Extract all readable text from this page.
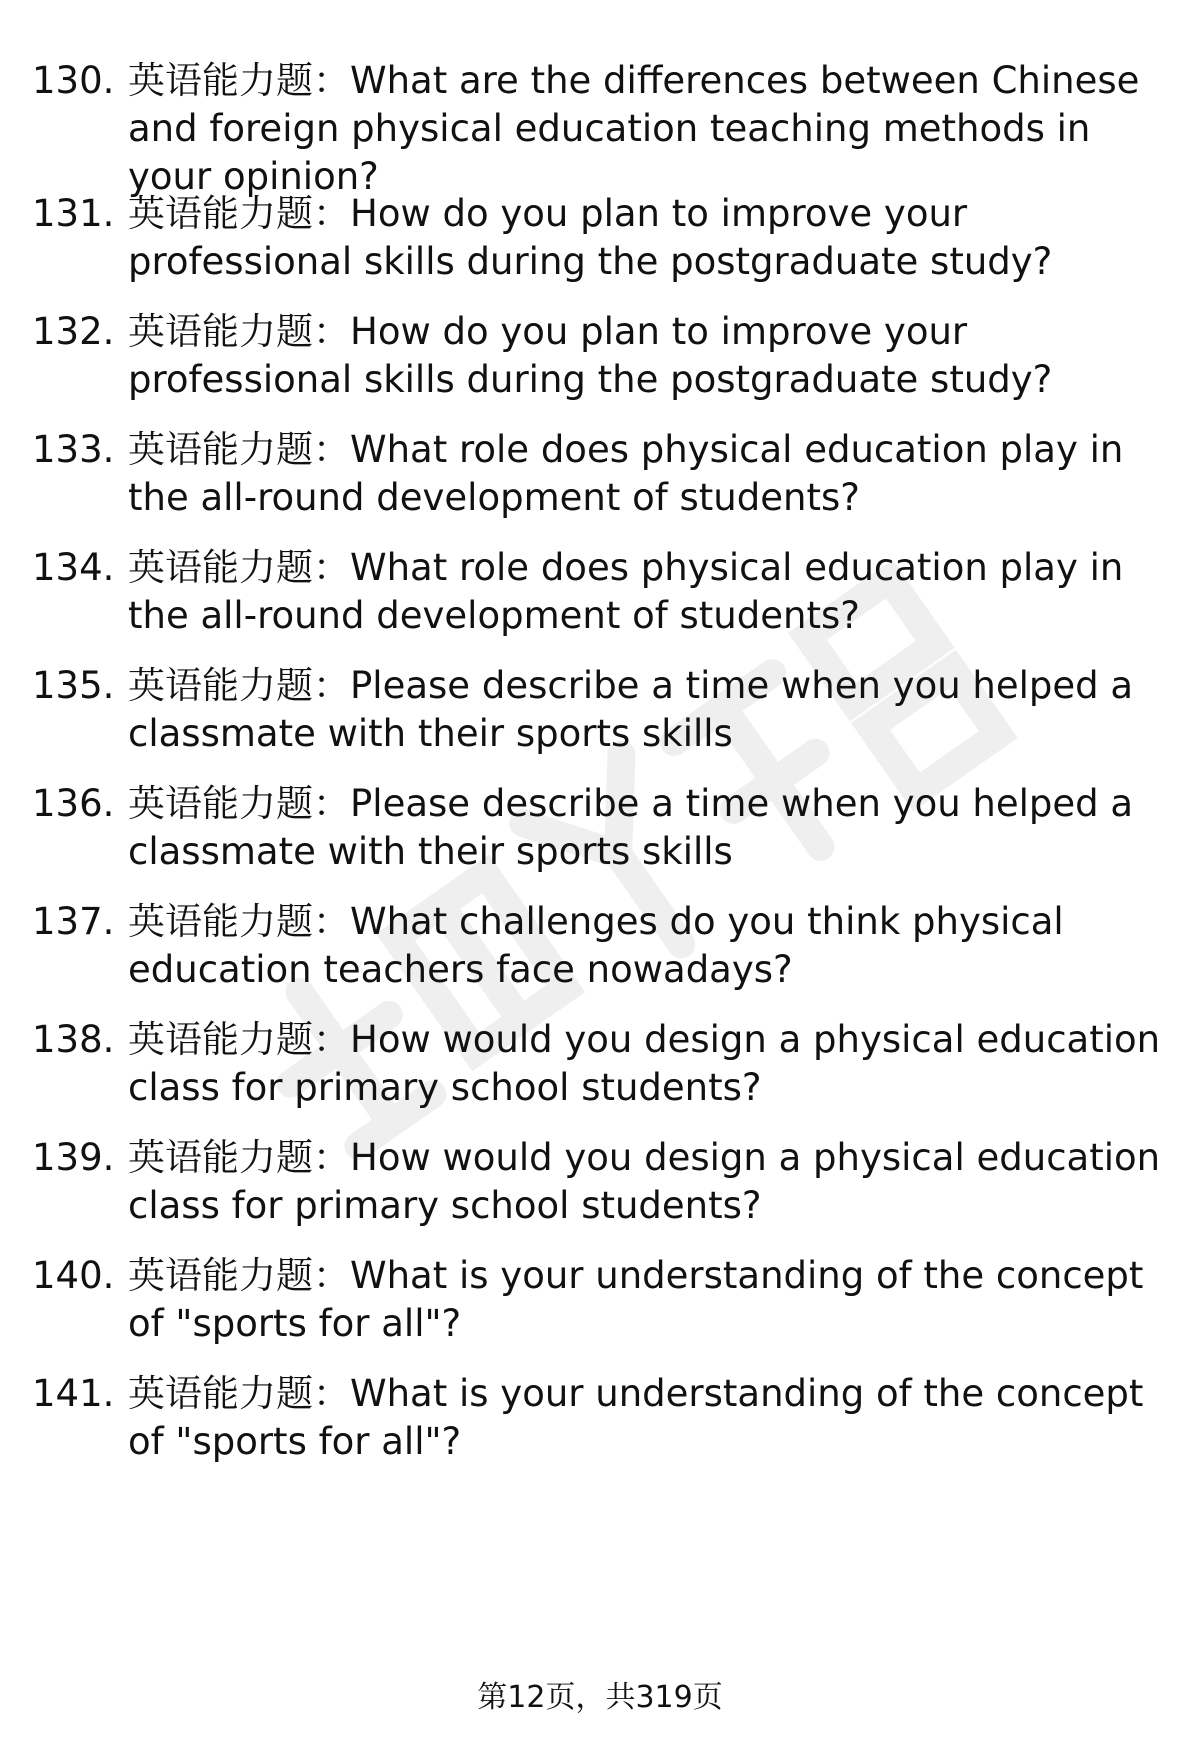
130. 英语能力题：What are the differences between Chinese and foreign physical education teaching methods in your opinion?
131. 英语能力题：How do you plan to improve your professional skills during the postgraduate study?
132. 英语能力题：How do you plan to improve your professional skills during the postgraduate study?
133. 英语能力题：What role does physical education play in the all-round development of students?
134. 英语能力题：What role does physical education play in the all-round development of students?
135. 英语能力题：Please describe a time when you helped a classmate with their sports skills
136. 英语能力题：Please describe a time when you helped a classmate with their sports skills
137. 英语能力题：What challenges do you think physical education teachers face nowadays?
138. 英语能力题：How would you design a physical education class for primary school students?
139. 英语能力题：How would you design a physical education class for primary school students?
140. 英语能力题：What is your understanding of the concept of "sports for all"?
141. 英语能力题：What is your understanding of the concept of "sports for all"?
第12页，共319页
